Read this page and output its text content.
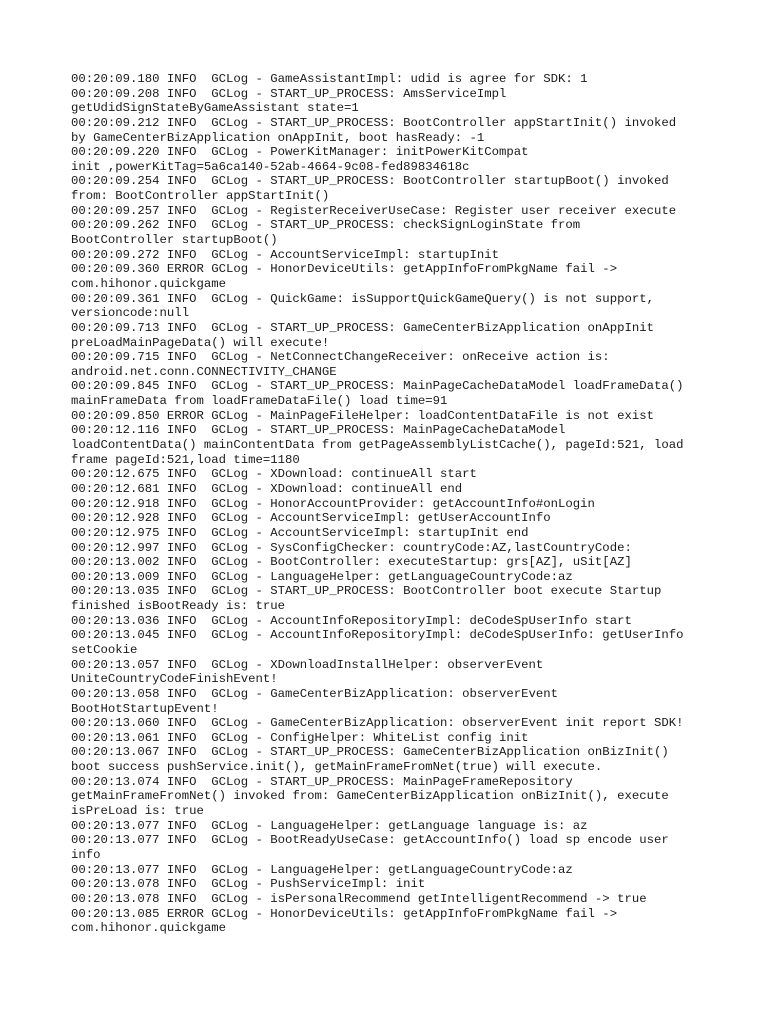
00:20:09.180 INFO  GCLog - GameAssistantImpl: udid is agree for SDK: 1
00:20:09.208 INFO  GCLog - START_UP_PROCESS: AmsServiceImpl
getUdidSignStateByGameAssistant state=1
00:20:09.212 INFO  GCLog - START_UP_PROCESS: BootController appStartInit() invoked
by GameCenterBizApplication onAppInit, boot hasReady: -1
00:20:09.220 INFO  GCLog - PowerKitManager: initPowerKitCompat
init ,powerKitTag=5a6ca140-52ab-4664-9c08-fed89834618c
00:20:09.254 INFO  GCLog - START_UP_PROCESS: BootController startupBoot() invoked
from: BootController appStartInit()
00:20:09.257 INFO  GCLog - RegisterReceiverUseCase: Register user receiver execute
00:20:09.262 INFO  GCLog - START_UP_PROCESS: checkSignLoginState from
BootController startupBoot()
00:20:09.272 INFO  GCLog - AccountServiceImpl: startupInit
00:20:09.360 ERROR GCLog - HonorDeviceUtils: getAppInfoFromPkgName fail ->
com.hihonor.quickgame
00:20:09.361 INFO  GCLog - QuickGame: isSupportQuickGameQuery() is not support,
versioncode:null
00:20:09.713 INFO  GCLog - START_UP_PROCESS: GameCenterBizApplication onAppInit
preLoadMainPageData() will execute!
00:20:09.715 INFO  GCLog - NetConnectChangeReceiver: onReceive action is:
android.net.conn.CONNECTIVITY_CHANGE
00:20:09.845 INFO  GCLog - START_UP_PROCESS: MainPageCacheDataModel loadFrameData()
mainFrameData from loadFrameDataFile() load time=91
00:20:09.850 ERROR GCLog - MainPageFileHelper: loadContentDataFile is not exist
00:20:12.116 INFO  GCLog - START_UP_PROCESS: MainPageCacheDataModel
loadContentData() mainContentData from getPageAssemblyListCache(), pageId:521, load
frame pageId:521,load time=1180
00:20:12.675 INFO  GCLog - XDownload: continueAll start
00:20:12.681 INFO  GCLog - XDownload: continueAll end
00:20:12.918 INFO  GCLog - HonorAccountProvider: getAccountInfo#onLogin
00:20:12.928 INFO  GCLog - AccountServiceImpl: getUserAccountInfo
00:20:12.975 INFO  GCLog - AccountServiceImpl: startupInit end
00:20:12.997 INFO  GCLog - SysConfigChecker: countryCode:AZ,lastCountryCode:
00:20:13.002 INFO  GCLog - BootController: executeStartup: grs[AZ], uSit[AZ]
00:20:13.009 INFO  GCLog - LanguageHelper: getLanguageCountryCode:az
00:20:13.035 INFO  GCLog - START_UP_PROCESS: BootController boot execute Startup
finished isBootReady is: true
00:20:13.036 INFO  GCLog - AccountInfoRepositoryImpl: deCodeSpUserInfo start
00:20:13.045 INFO  GCLog - AccountInfoRepositoryImpl: deCodeSpUserInfo: getUserInfo
setCookie
00:20:13.057 INFO  GCLog - XDownloadInstallHelper: observerEvent
UniteCountryCodeFinishEvent!
00:20:13.058 INFO  GCLog - GameCenterBizApplication: observerEvent
BootHotStartupEvent!
00:20:13.060 INFO  GCLog - GameCenterBizApplication: observerEvent init report SDK!
00:20:13.061 INFO  GCLog - ConfigHelper: WhiteList config init
00:20:13.067 INFO  GCLog - START_UP_PROCESS: GameCenterBizApplication onBizInit()
boot success pushService.init(), getMainFrameFromNet(true) will execute.
00:20:13.074 INFO  GCLog - START_UP_PROCESS: MainPageFrameRepository
getMainFrameFromNet() invoked from: GameCenterBizApplication onBizInit(), execute
isPreLoad is: true
00:20:13.077 INFO  GCLog - LanguageHelper: getLanguage language is: az
00:20:13.077 INFO  GCLog - BootReadyUseCase: getAccountInfo() load sp encode user
info
00:20:13.077 INFO  GCLog - LanguageHelper: getLanguageCountryCode:az
00:20:13.078 INFO  GCLog - PushServiceImpl: init
00:20:13.078 INFO  GCLog - isPersonalRecommend getIntelligentRecommend -> true
00:20:13.085 ERROR GCLog - HonorDeviceUtils: getAppInfoFromPkgName fail ->
com.hihonor.quickgame
